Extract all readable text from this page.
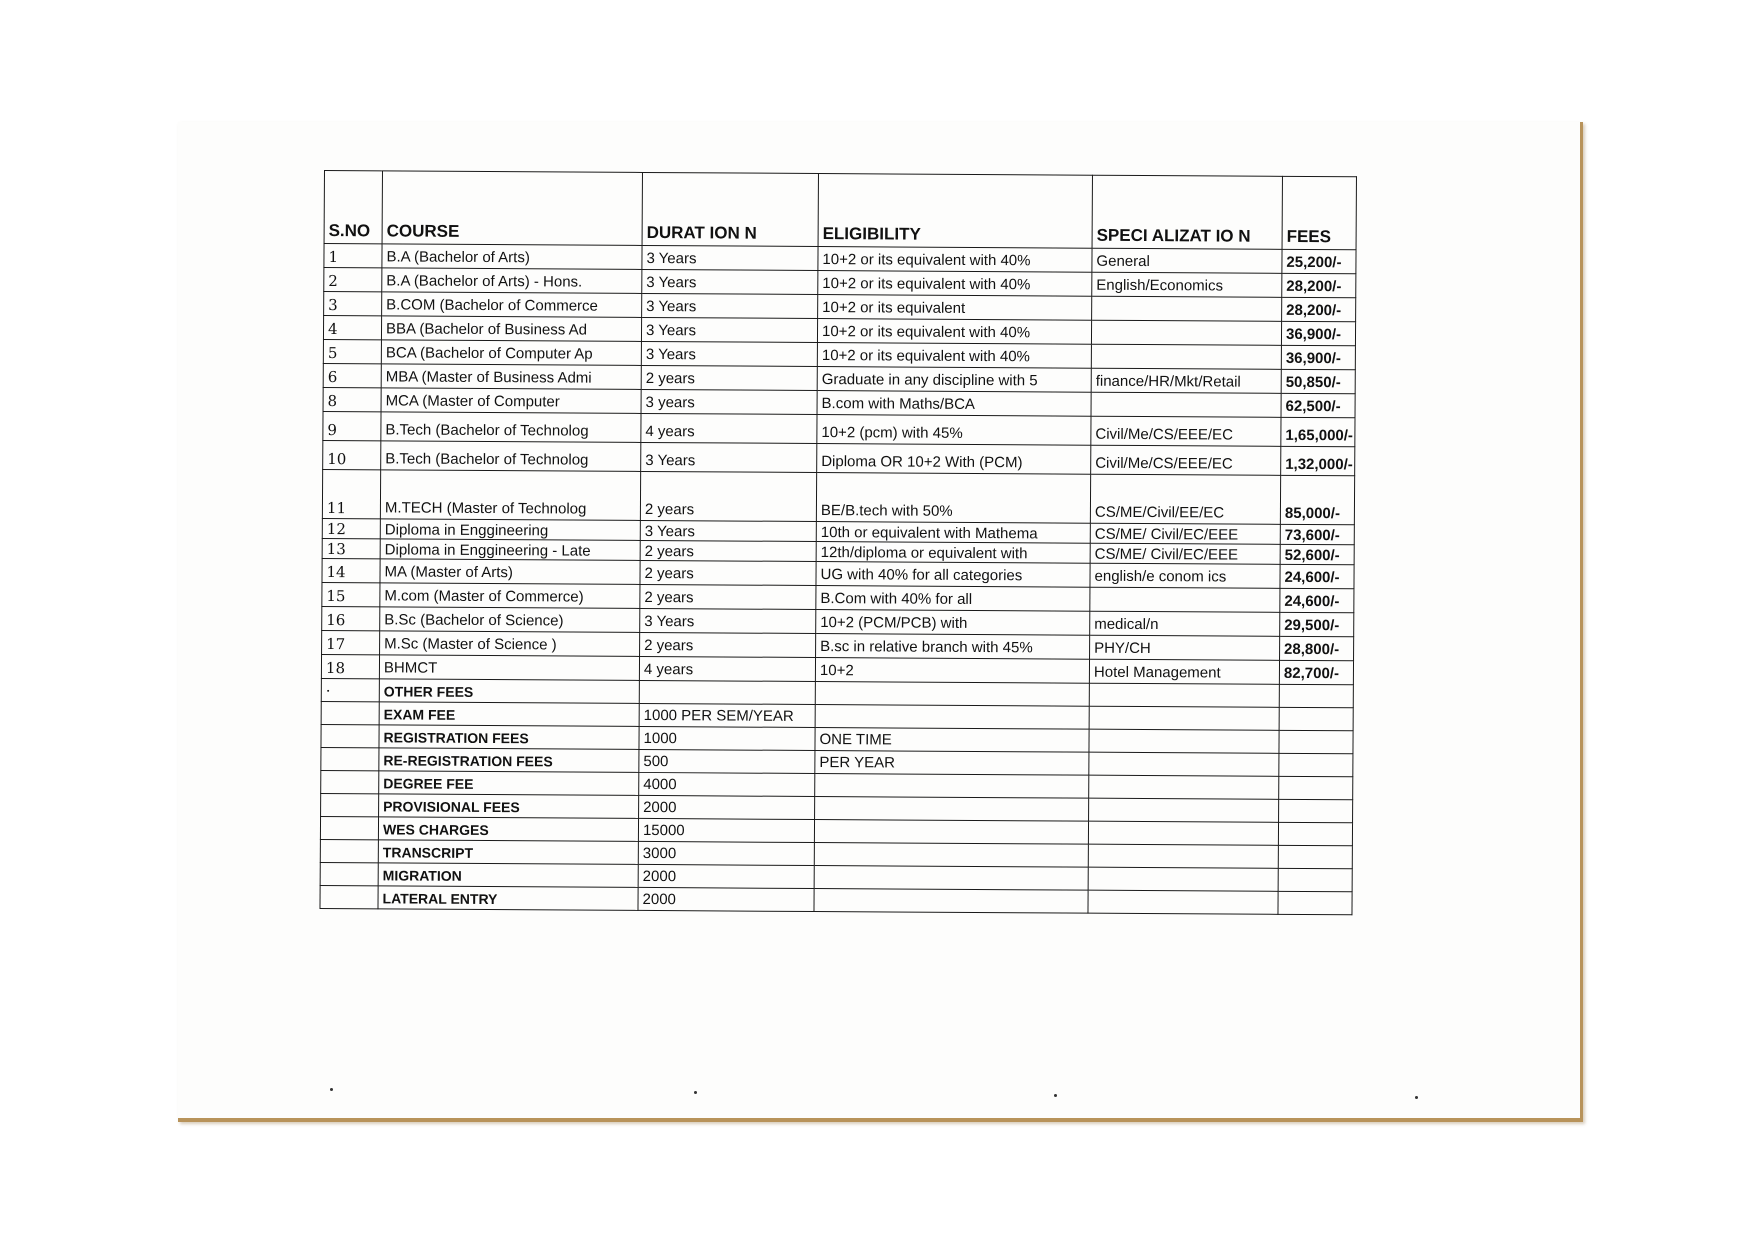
S.NO	COURSE	DURAT ION N	ELIGIBILITY	SPECI ALIZAT IO N	FEES
1	B.A (Bachelor of Arts)	3 Years	10+2 or its equivalent with 40%	General	25,200/-
2	B.A (Bachelor of Arts) - Hons.	3 Years	10+2 or its equivalent with 40%	English/Economics	28,200/-
3	B.COM (Bachelor of Commerce	3 Years	10+2 or its equivalent		28,200/-
4	BBA (Bachelor of Business Ad	3 Years	10+2 or its equivalent with 40%		36,900/-
5	BCA (Bachelor of Computer Ap	3 Years	10+2 or its equivalent with 40%		36,900/-
6	MBA (Master of Business Admi	2 years	Graduate in any discipline with 5	finance/HR/Mkt/Retail	50,850/-
8	MCA (Master of Computer	3 years	B.com with Maths/BCA		62,500/-
9	B.Tech (Bachelor of Technolog	4 years	10+2 (pcm) with 45%	Civil/Me/CS/EEE/EC	1,65,000/-
10	B.Tech (Bachelor of Technolog	3 Years	Diploma OR 10+2 With (PCM)	Civil/Me/CS/EEE/EC	1,32,000/-
11	M.TECH (Master of Technolog	2 years	BE/B.tech with 50%	CS/ME/Civil/EE/EC	85,000/-
12	Diploma in Enggineering	3 Years	10th or equivalent with Mathema	CS/ME/ Civil/EC/EEE	73,600/-
13	Diploma in Enggineering - Late	2 years	12th/diploma or equivalent with	CS/ME/ Civil/EC/EEE	52,600/-
14	MA (Master of Arts)	2 years	UG with 40% for all categories	english/e conom ics	24,600/-
15	M.com (Master of Commerce)	2 years	B.Com with 40% for all		24,600/-
16	B.Sc (Bachelor of Science)	3 Years	10+2 (PCM/PCB) with	medical/n	29,500/-
17	M.Sc (Master of Science )	2 years	B.sc in relative branch with 45%	PHY/CH	28,800/-
18	BHMCT	4 years	10+2	Hotel Management	82,700/-
·	OTHER FEES				
	EXAM FEE	1000 PER SEM/YEAR			
	REGISTRATION FEES	1000	ONE TIME		
	RE-REGISTRATION FEES	500	PER YEAR		
	DEGREE FEE	4000			
	PROVISIONAL FEES	2000			
	WES CHARGES	15000			
	TRANSCRIPT	3000			
	MIGRATION	2000			
	LATERAL ENTRY	2000			
